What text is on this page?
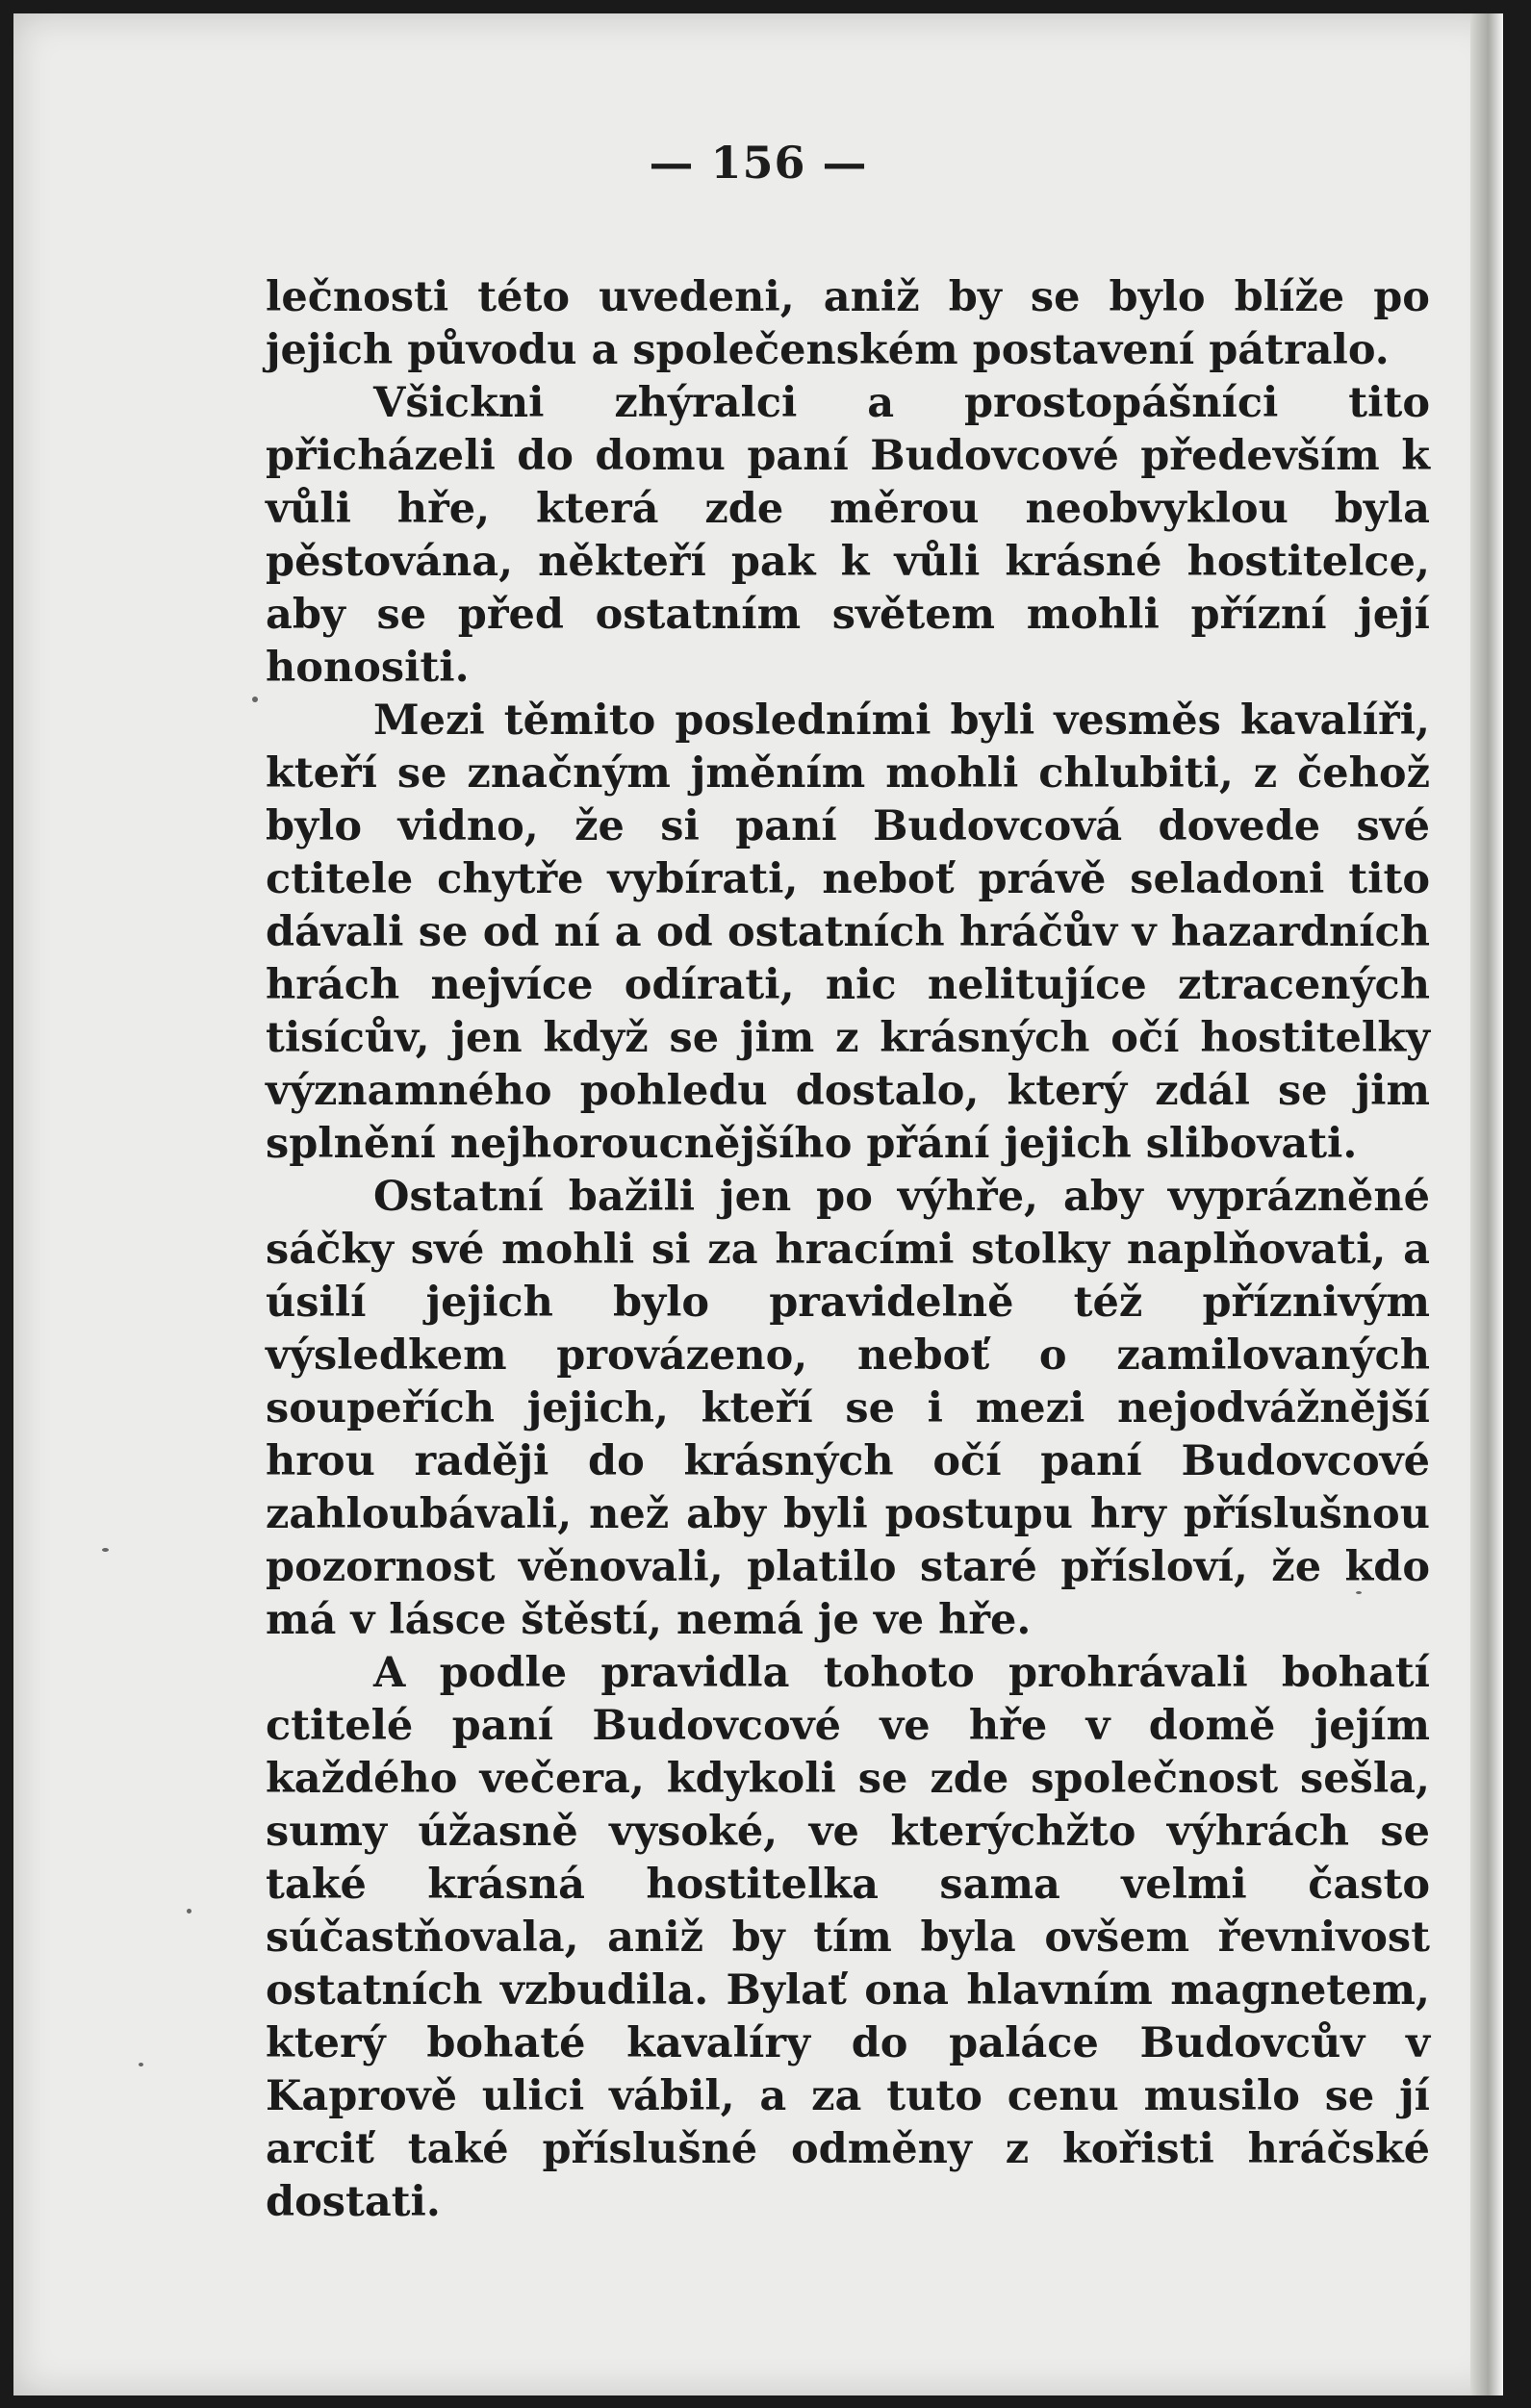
— 156 —

lečnosti této uvedeni, aniž by se bylo blíže po jejich původu a společenském postavení pátralo.

Všickni zhýralci a prostopášníci tito přicházeli do domu paní Budovcové především k vůli hře, která zde měrou neobvyklou byla pěstována, někteří pak k vůli krásné hostitelce, aby se před ostatním světem mohli přízní její honositi.

Mezi těmito posledními byli vesměs kavalíři, kteří se značným jměním mohli chlubiti, z čehož bylo vidno, že si paní Budovcová dovede své ctitele chytře vybírati, neboť právě seladoni tito dávali se od ní a od ostatních hráčův v hazardních hrách nejvíce odírati, nic nelitujíce ztracených tisícův, jen když se jim z krásných očí hostitelky významného pohledu dostalo, který zdál se jim splnění nejhoroucnějšího přání jejich slibovati.

Ostatní bažili jen po výhře, aby vyprázněné sáčky své mohli si za hracími stolky naplňovati, a úsilí jejich bylo pravidelně též příznivým výsledkem provázeno, neboť o zamilovaných soupeřích jejich, kteří se i mezi nejodvážnější hrou raději do krásných očí paní Budovcové zahloubávali, než aby byli postupu hry příslušnou pozornost věnovali, platilo staré přísloví, že kdo má v lásce štěstí, nemá je ve hře.

A podle pravidla tohoto prohrávali bohatí ctitelé paní Budovcové ve hře v domě jejím každého večera, kdykoli se zde společnost sešla, sumy úžasně vysoké, ve kterýchžto výhrách se také krásná hostitelka sama velmi často súčastňovala, aniž by tím byla ovšem řevnivost ostatních vzbudila. Bylať ona hlavním magnetem, který bohaté kavalíry do paláce Budovcův v Kaprově ulici vábil, a za tuto cenu musilo se jí arciť také příslušné odměny z kořisti hráčské dostati.
